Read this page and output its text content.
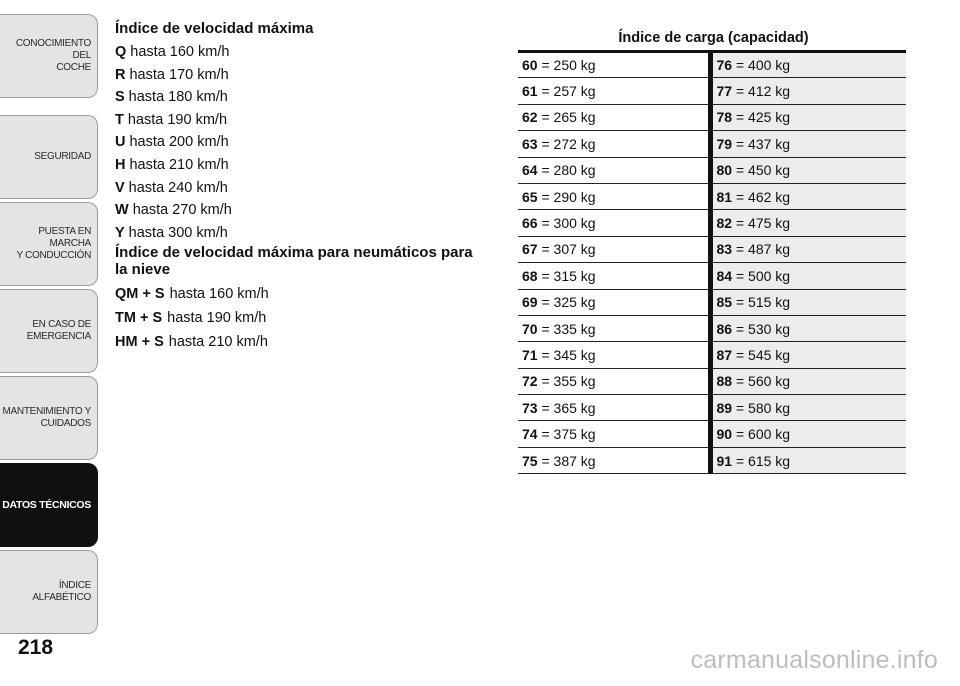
CONOCIMIENTO DEL
COCHE
SEGURIDAD
PUESTA EN MARCHA
Y CONDUCCIÓN
EN CASO DE
EMERGENCIA
MANTENIMIENTO Y
CUIDADOS
DATOS TÉCNICOS
ÍNDICE ALFABÉTICO
218
Índice de velocidad máxima
Q hasta 160 km/h
R hasta 170 km/h
S hasta 180 km/h
T hasta 190 km/h
U hasta 200 km/h
H hasta 210 km/h
V hasta 240 km/h
W hasta 270 km/h
Y hasta 300 km/h
Índice de velocidad máxima para neumáticos para la nieve
QM + S hasta 160 km/h
TM + S hasta 190 km/h
HM + S hasta 210 km/h
Índice de carga (capacidad)
60 = 250 kg	76 = 400 kg
61 = 257 kg	77 = 412 kg
62 = 265 kg	78 = 425 kg
63 = 272 kg	79 = 437 kg
64 = 280 kg	80 = 450 kg
65 = 290 kg	81 = 462 kg
66 = 300 kg	82 = 475 kg
67 = 307 kg	83 = 487 kg
68 = 315 kg	84 = 500 kg
69 = 325 kg	85 = 515 kg
70 = 335 kg	86 = 530 kg
71 = 345 kg	87 = 545 kg
72 = 355 kg	88 = 560 kg
73 = 365 kg	89 = 580 kg
74 = 375 kg	90 = 600 kg
75 = 387 kg	91 = 615 kg
carmanualsonline.info
